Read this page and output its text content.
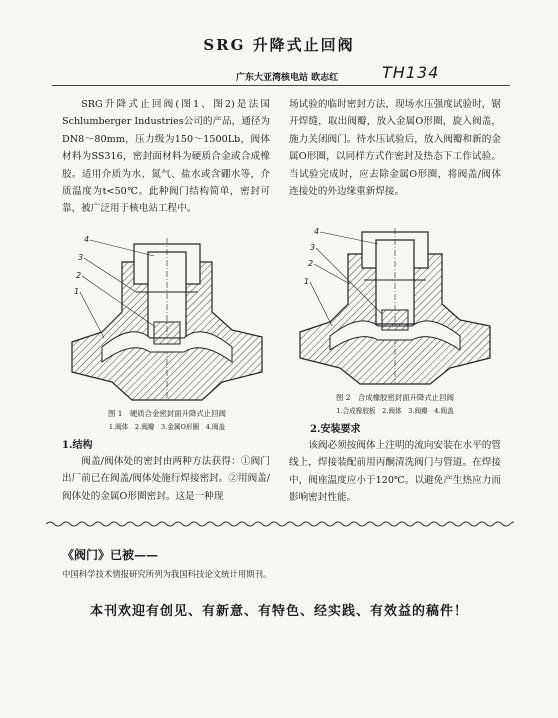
SRG 升降式止回阀
广东大亚湾核电站 欧志红	TH134

SRG升降式止回阀(图1、图2)是法国Schlumberger Industries公司的产品，通径为DN8～80mm，压力级为150～1500Lb，阀体材料为SS316，密封面材料为硬质合金或合成橡胶。适用介质为水、氮气、盐水或含硼水等，介质温度为t<50℃。此种阀门结构简单，密封可靠，被广泛用于核电站工程中。

场试验的临时密封方法，现场水压强度试验时，锯开焊缝，取出阀瓣，放入金属O形圈，旋入阀盖，施力关闭阀门。待水压试验后，放入阀瓣和新的金属O形圈，以同样方式作密封及热态下工作试验。当试验完成时，应去除金属O形圈，将阀盖/阀体连接处的外边缘重新焊接。

4
3
2
1
4
3
2
1
图 1　硬质合金密封面升降式止回阀
1.阀体　2.阀瓣　3.金属O形圈　4.阀盖
图 2　合成橡胶密封面升降式止回阀
1.合成橡胶板　2.阀体　3.阀瓣　4.阀盖
1.结构

阀盖/阀体处的密封由两种方法获得：①阀门出厂前已在阀盖/阀体处施行焊接密封。②用阀盖/阀体处的金属O形圈密封。这是一种现

2.安装要求

该阀必须按阀体上注明的流向安装在水平的管线上，焊接装配前用丙酮清洗阀门与管道。在焊接中，阀座温度应小于120℃。以避免产生热应力而影响密封性能。

《阀门》已被——
中国科学技术情报研究所列为我国科技论文统计用期刊。
本刊欢迎有创见、有新意、有特色、经实践、有效益的稿件！
